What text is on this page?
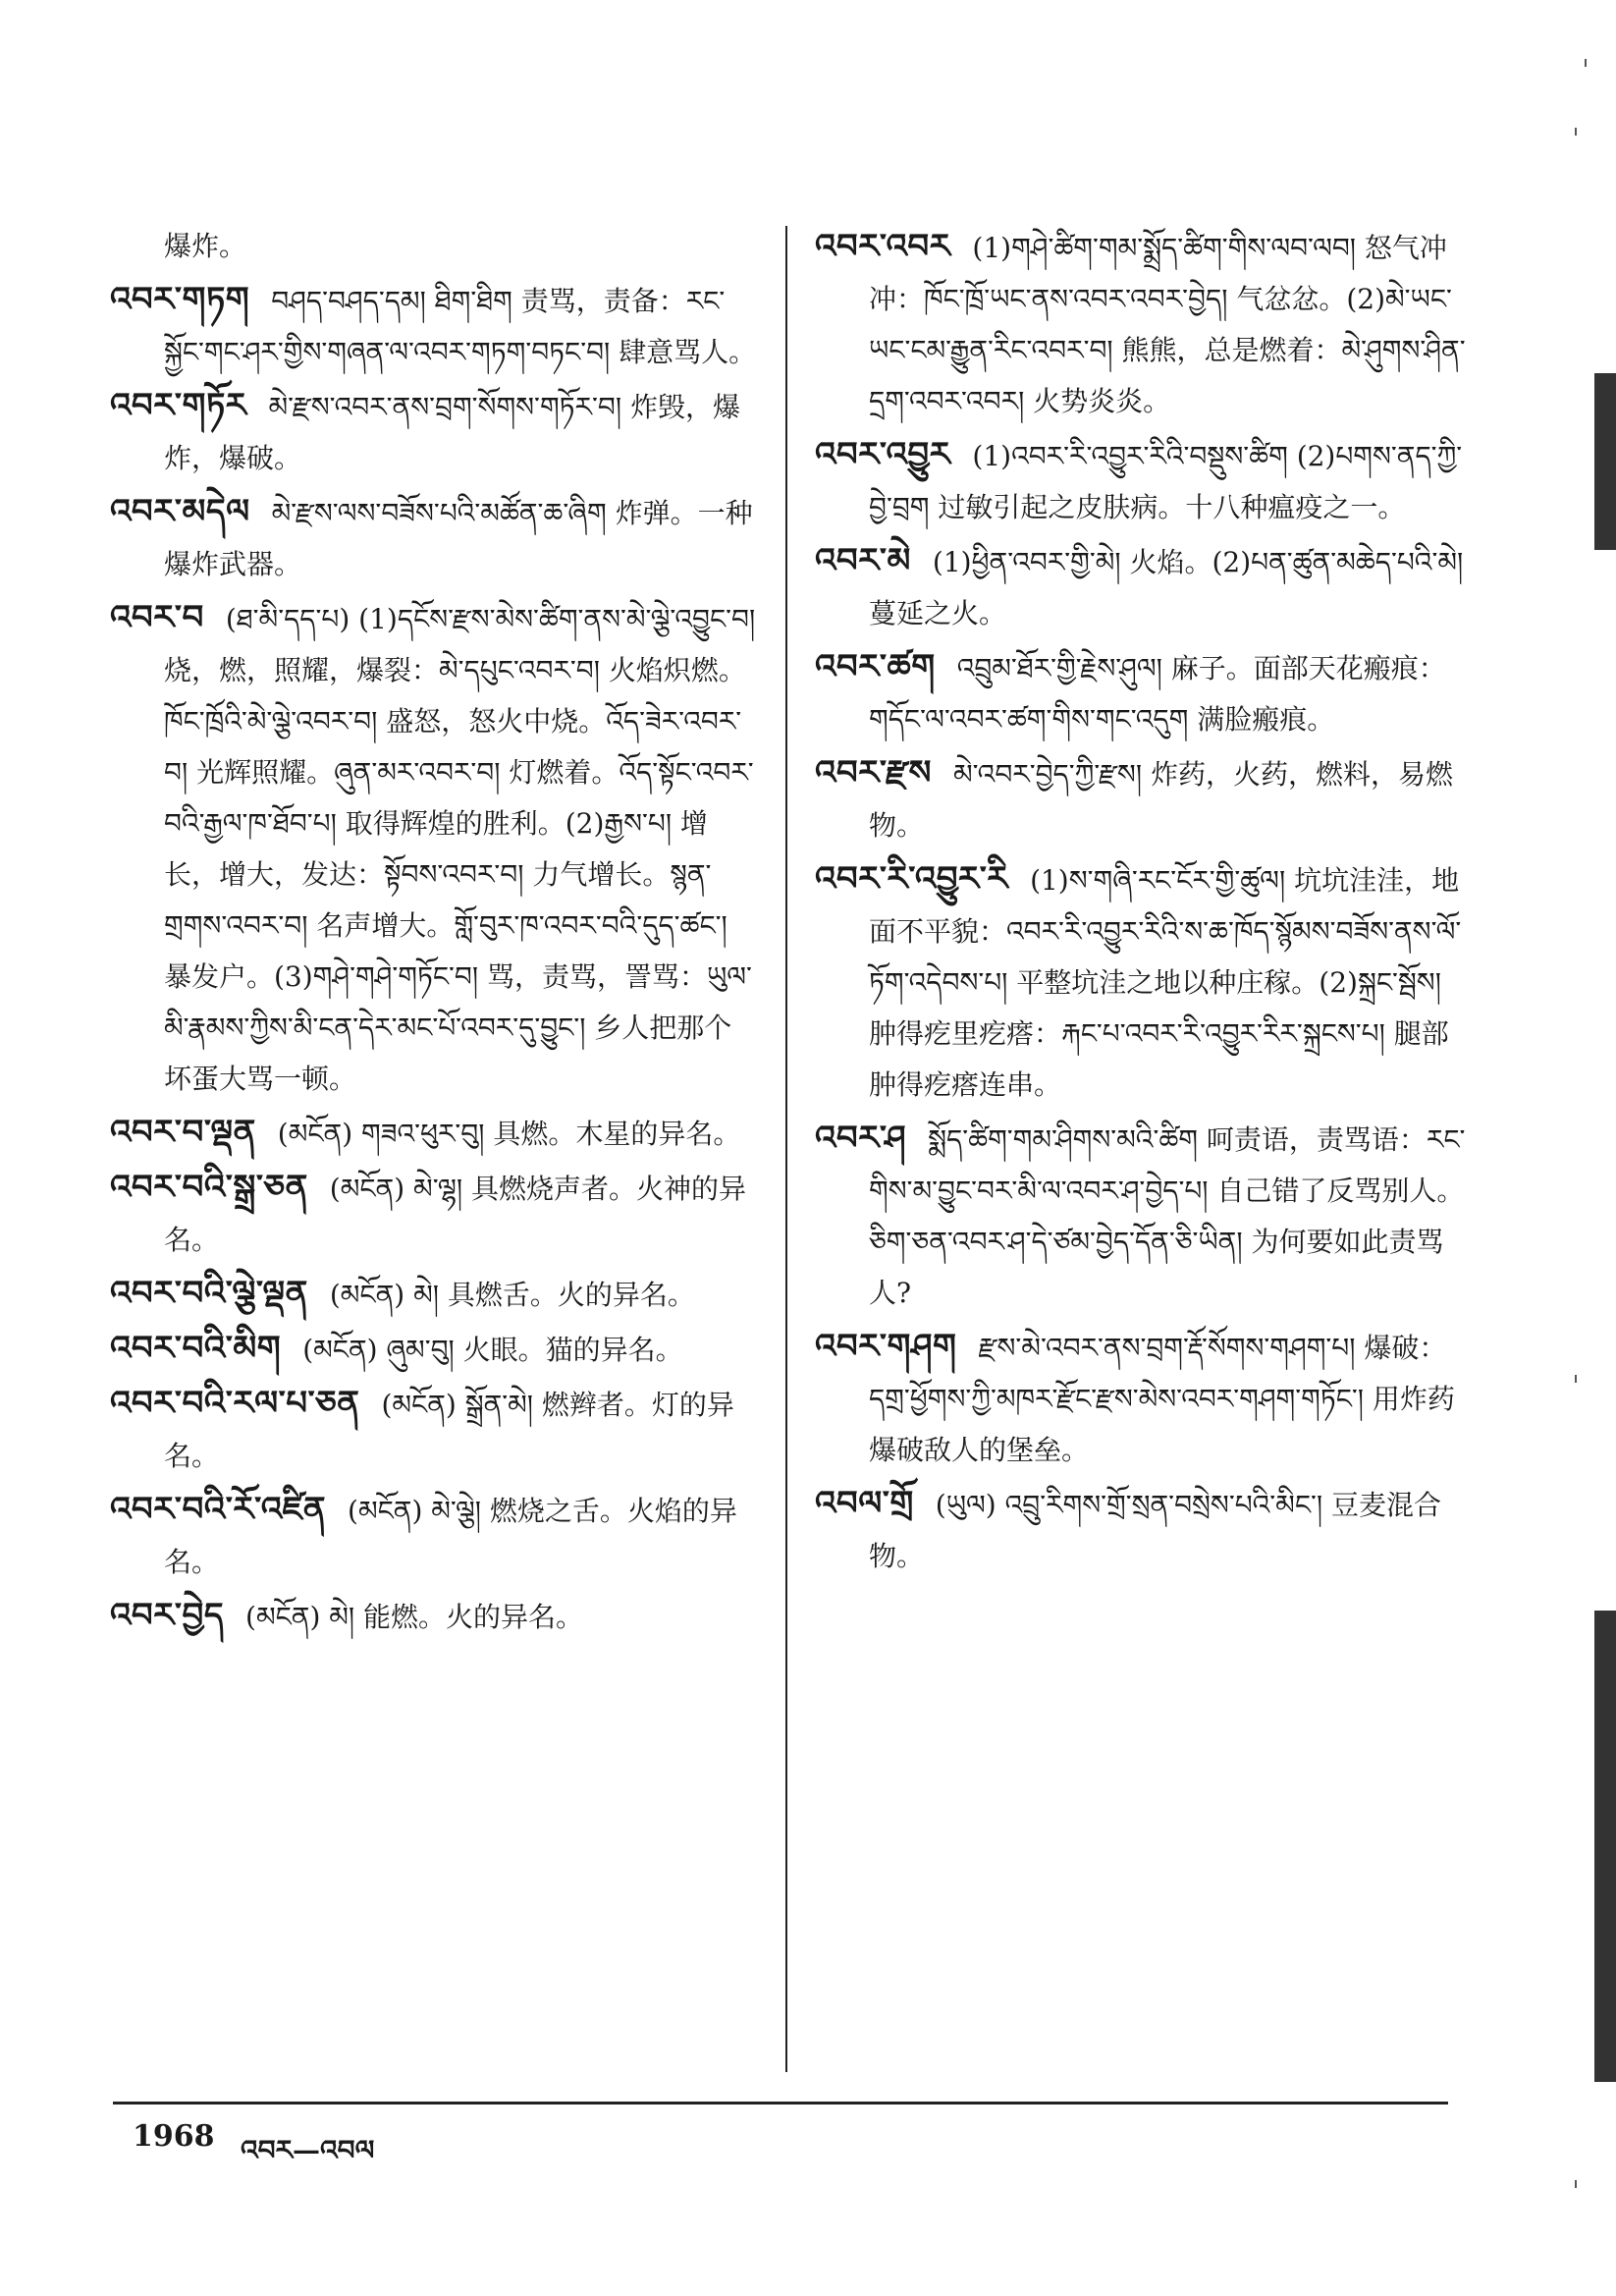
爆炸。
འབར་གཏག བཤད་བཤད་དམ། ཐིག་ཐིག 责骂，责备：རང་སྐྱོང་གང་ཤར་གྱིས་གཞན་ལ་འབར་གཏག་བཏང་བ། 肆意骂人。
འབར་གཏོར མེ་རྫས་འབར་ནས་བྲག་སོགས་གཏོར་བ། 炸毁，爆炸，爆破。
འབར་མདེལ མེ་རྫས་ལས་བཟོས་པའི་མཚོན་ཆ་ཞིག 炸弹。一种爆炸武器。
འབར་བ (ཐ་མི་དད་པ) (1)དངོས་རྫས་མེས་ཚིག་ནས་མེ་ལྕེ་འབྱུང་བ། 烧，燃，照耀，爆裂：མེ་དཔུང་འབར་བ། 火焰炽燃。ཁོང་ཁྲོའི་མེ་ལྕེ་འབར་བ། 盛怒，怒火中烧。འོད་ཟེར་འབར་བ། 光辉照耀。ཞུན་མར་འབར་བ། 灯燃着。འོད་སྟོང་འབར་བའི་རྒྱལ་ཁ་ཐོབ་པ། 取得辉煌的胜利。(2)རྒྱས་པ། 增长，增大，发达：སྟོབས་འབར་བ། 力气增长。སྙན་གྲགས་འབར་བ། 名声增大。གློ་བུར་ཁ་འབར་བའི་དུད་ཚང་། 暴发户。(3)གཤེ་གཤེ་གཏོང་བ། 骂，责骂，詈骂：ཡུལ་མི་རྣམས་ཀྱིས་མི་ངན་དེར་མང་པོ་འབར་དུ་བྱུང་། 乡人把那个坏蛋大骂一顿。
འབར་བ་ལྡན (མངོན) གཟའ་ཕུར་བུ། 具燃。木星的异名。
འབར་བའི་སྒྲ་ཅན (མངོན) མེ་ལྷ། 具燃烧声者。火神的异名。
འབར་བའི་ལྕེ་ལྡན (མངོན) མེ། 具燃舌。火的异名。
འབར་བའི་མིག (མངོན) ཞུམ་བུ། 火眼。猫的异名。
འབར་བའི་རལ་པ་ཅན (མངོན) སྒྲོན་མེ། 燃辫者。灯的异名。
འབར་བའི་ཪོ་འཛིན (མངོན) མེ་ལྕེ། 燃烧之舌。火焰的异名。
འབར་བྱེད (མངོན) མེ། 能燃。火的异名。
འབར་འབར (1)གཤེ་ཚིག་གམ་སྨྲོད་ཚིག་གིས་ལབ་ལབ། 怒气冲冲：ཁོང་ཁྲོ་ཡང་ནས་འབར་འབར་བྱེད། 气忿忿。(2)མེ་ཡང་ཡང་ངམ་རྒྱུན་རིང་འབར་བ། 熊熊，总是燃着：མེ་ཤུགས་ཤིན་དྲག་འབར་འབར། 火势炎炎。
འབར་འབྱུར (1)འབར་རི་འབྱུར་རིའི་བསྡུས་ཚིག (2)པགས་ནད་ཀྱི་བྱེ་བྲག 过敏引起之皮肤病。十八种瘟疫之一。
འབར་མེ (1)ཕྱིན་འབར་གྱི་མེ། 火焰。(2)པན་ཚུན་མཆེད་པའི་མེ། 蔓延之火。
འབར་ཚག འབྲུམ་ཐོར་གྱི་རྗེས་ཤུལ། 麻子。面部天花瘢痕：གདོང་ལ་འབར་ཚག་གིས་གང་འདུག 满脸瘢痕。
འབར་རྫས མེ་འབར་བྱེད་ཀྱི་རྫས། 炸药，火药，燃料，易燃物。
འབར་རི་འབྱུར་རི (1)ས་གཞི་རང་ངོར་གྱི་ཚུལ། 坑坑洼洼，地面不平貌：འབར་རི་འབྱུར་རིའི་ས་ཆ་ཁོད་སྙོམས་བཟོས་ནས་ལོ་ཏོག་འདེབས་པ། 平整坑洼之地以种庄稼。(2)སྐྲང་སྦོས། 肿得疙里疙瘩：རྐང་པ་འབར་རི་འབྱུར་རིར་སྐྲངས་པ། 腿部肿得疙瘩连串。
འབར་ཤ སྨོད་ཚིག་གམ་ཤིགས་མའི་ཚིག 呵责语，责骂语：རང་གིས་མ་བྱུང་བར་མི་ལ་འབར་ཤ་བྱེད་པ། 自己错了反骂别人。ཅིག་ཅན་འབར་ཤ་དེ་ཙམ་བྱེད་དོན་ཅི་ཡིན། 为何要如此责骂人?
འབར་གཤག རྫས་མེ་འབར་ནས་བྲག་རྡོ་སོགས་གཤག་པ། 爆破：དགྲ་ཕྱོགས་ཀྱི་མཁར་རྫོང་རྫས་མེས་འབར་གཤག་གཏོང་། 用炸药爆破敌人的堡垒。
འབལ་གྲོ (ཡུལ) འབྲུ་རིགས་གྲོ་སྲན་བསྲེས་པའི་མིང་། 豆麦混合物。
1968 འབར—འབལ
